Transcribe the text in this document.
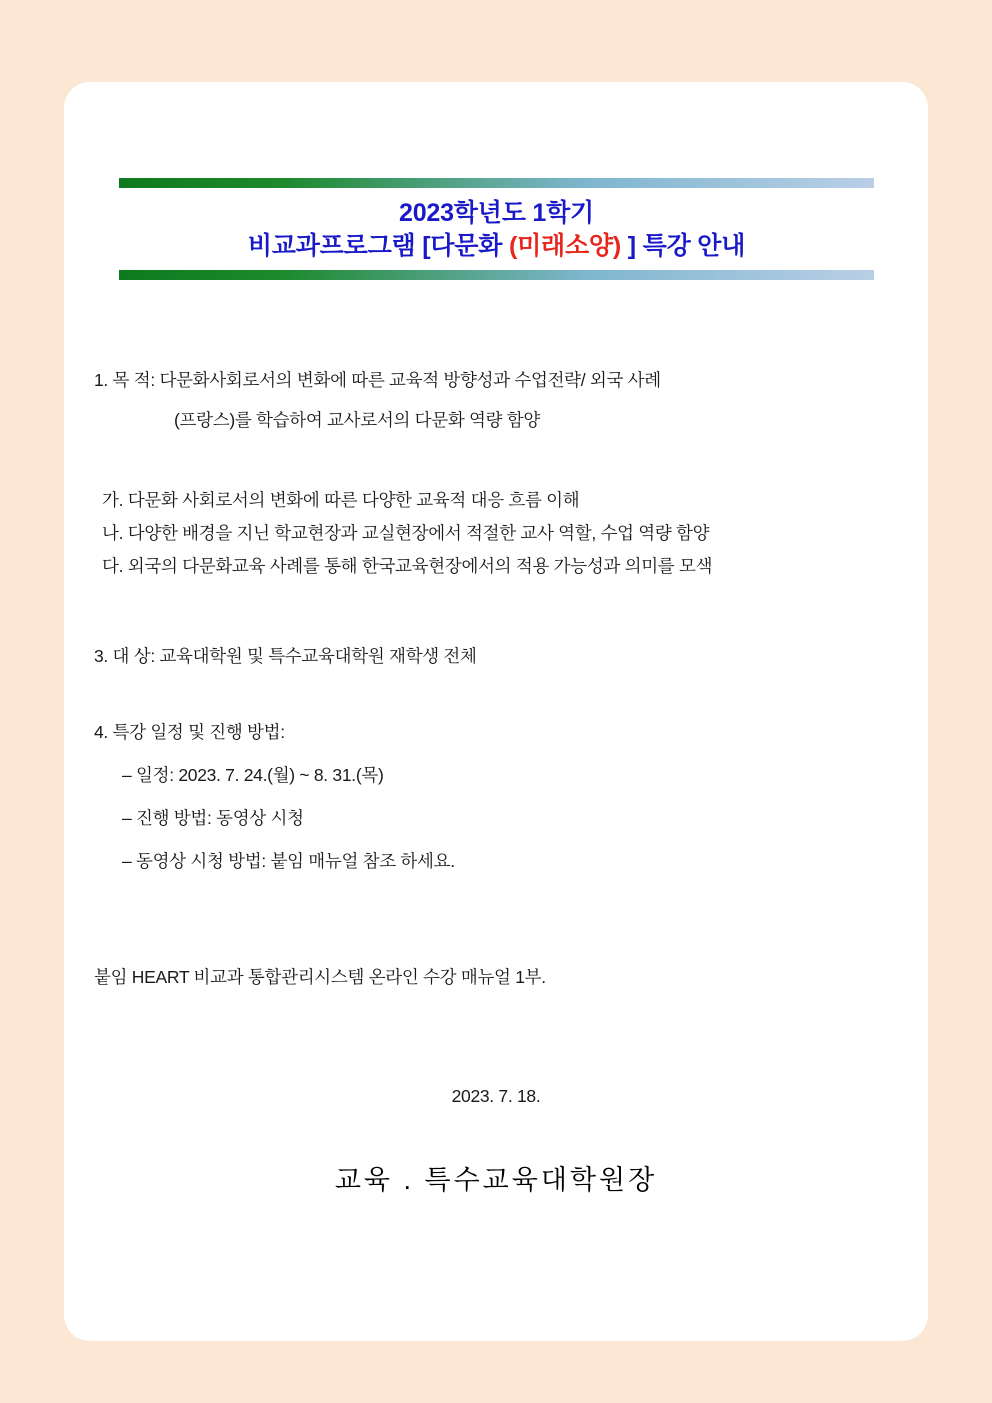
2023학년도 1학기
비교과프로그램 [다문화 (미래소양) ] 특강 안내
1. 목 적: 다문화사회로서의 변화에 따른 교육적 방향성과 수업전략/ 외국 사례
(프랑스)를 학습하여 교사로서의 다문화 역량 함양
가. 다문화 사회로서의 변화에 따른 다양한 교육적 대응 흐름 이해
나. 다양한 배경을 지닌 학교현장과 교실현장에서 적절한 교사 역할, 수업 역량 함양
다. 외국의 다문화교육 사례를 통해 한국교육현장에서의 적용 가능성과 의미를 모색
3. 대 상: 교육대학원 및 특수교육대학원 재학생 전체
4. 특강 일정 및 진행 방법:
– 일정: 2023. 7. 24.(월) ~ 8. 31.(목)
– 진행 방법: 동영상 시청
– 동영상 시청 방법: 붙임 매뉴얼 참조 하세요.
붙임 HEART 비교과 통합관리시스템 온라인 수강 매뉴얼 1부.
2023. 7. 18.
교육 . 특수교육대학원장
